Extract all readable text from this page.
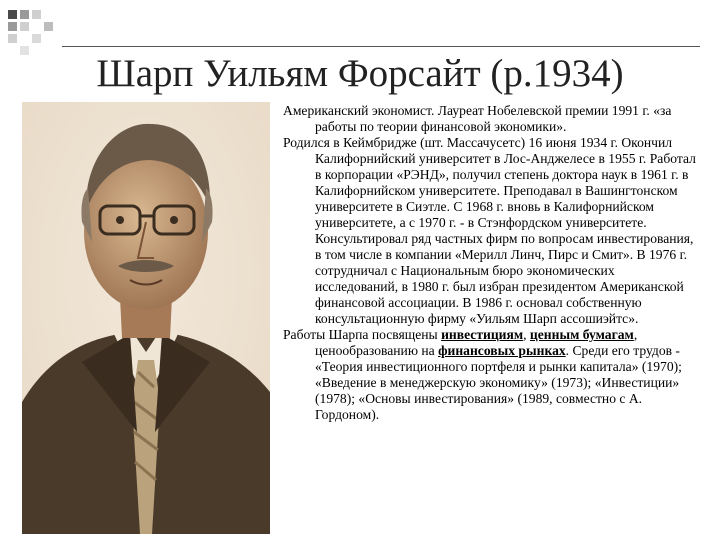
Шарп Уильям Форсайт (р.1934)

Американский экономист. Лауреат Нобелевской премии 1991 г. «за работы по теории финансовой экономики».

Родился в Кеймбридже (шт. Массачусетс) 16 июня 1934 г. Окончил Калифорнийский университет в Лос-Анджелесе в 1955 г. Работал в корпорации «РЭНД», получил степень доктора наук в 1961 г. в Калифорнийском университете. Преподавал в Вашингтонском университете в Сиэтле. С 1968 г. вновь в Калифорнийском университете, а с 1970 г. - в Стэнфордском университете. Консультировал ряд частных фирм по вопросам инвестирования, в том числе в компании «Мерилл Линч, Пирс и Смит». В 1976 г. сотрудничал с Национальным бюро экономических исследований, в 1980 г. был избран президентом Американской финансовой ассоциации. В 1986 г. основал собственную консультационную фирму «Уильям Шарп ассошиэйтс».

Работы Шарпа посвящены инвестициям, ценным бумагам, ценообразованию на финансовых рынках. Среди его трудов - «Теория инвестиционного портфеля и рынки капитала» (1970); «Введение в менеджерскую экономику» (1973); «Инвестиции» (1978); «Основы инвестирования» (1989, совместно с А. Гордоном).
